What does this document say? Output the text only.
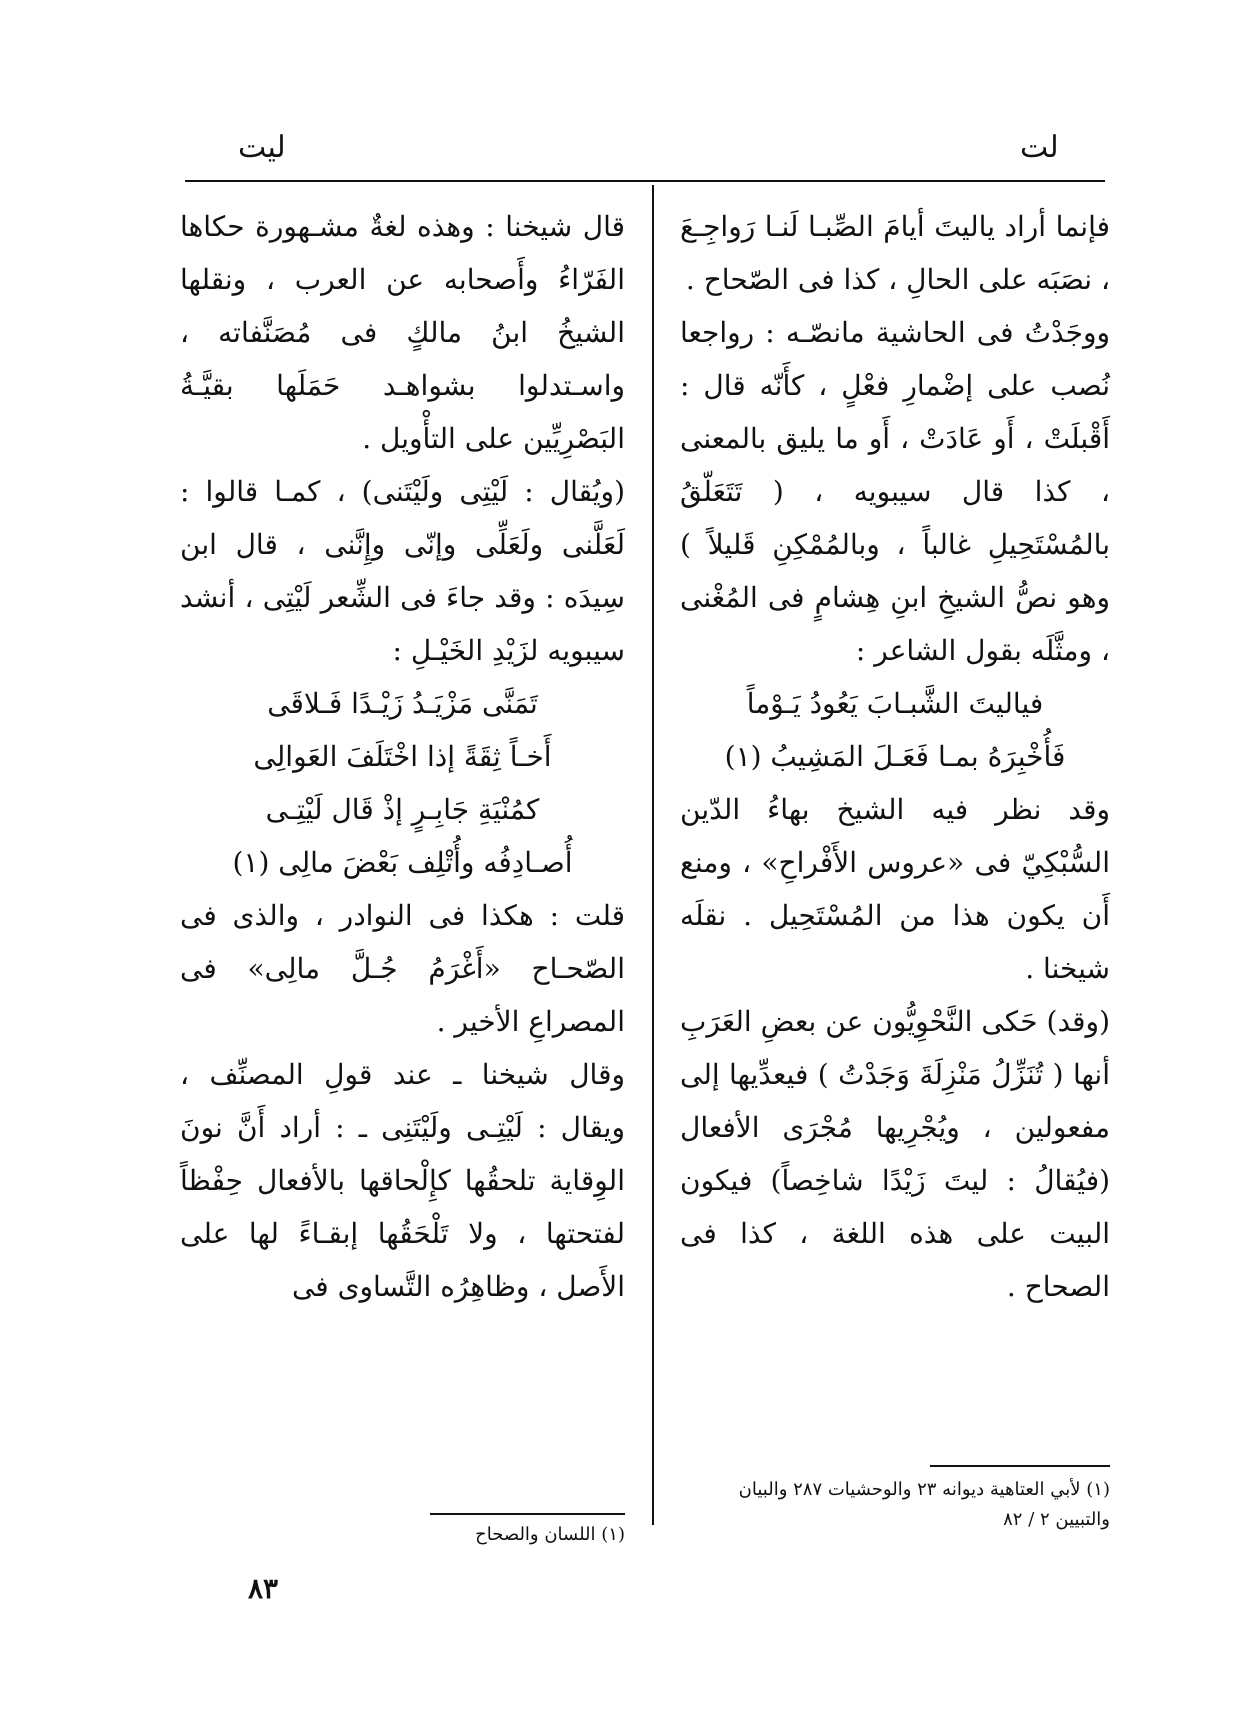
ليت	لت

فإنما أراد ياليتَ أيامَ الصِّبـا لَنـا رَواجِـعَ ، نصَبَه على الحالِ ، كذا فى الصّحاح .

ووجَدْتُ فى الحاشية مانصّـه : رواجعا نُصب على إضْمارِ فعْلٍ ، كأَنّه قال : أَقْبلَتْ ، أَو عَادَتْ ، أَو ما يليق بالمعنى ، كذا قال سيبويه ، ( تَتَعَلّقُ بالمُسْتَحِيلِ غالباً ، وبالمُمْكِنِ قَليلاً ) وهو نصُّ الشيخِ ابنِ هِشامٍ فى المُغْنى ، ومثَّلَه بقول الشاعر :

فياليتَ الشَّبـابَ يَعُودُ يَـوْماً

فَأُخْبِرَهُ بمـا فَعَـلَ المَشِيبُ (١)

وقد نظر فيه الشيخ بهاءُ الدّين السُّبْكِيّ فى «عروس الأَفْراحِ» ، ومنع أَن يكون هذا من المُسْتَحِيل . نقلَه شيخنا .

(وقد) حَكى النَّحْوِيُّون عن بعضِ العَرَبِ أنها ( تُنَزِّلُ مَنْزِلَةَ وَجَدْتُ ) فيعدِّيها إلى مفعولين ، ويُجْرِيها مُجْرَى الأفعال (فيُقالُ : ليتَ زَيْدًا شاخِصاً) فيكون البيت على هذه اللغة ، كذا فى الصحاح .

(١) لأبي العتاهية ديوانه ٢٣ والوحشيات ٢٨٧ والبيان والتبيين ٢ / ٨٢

قال شيخنا : وهذه لغةٌ مشـهورة حكاها الفَرّاءُ وأَصحابه عن العرب ، ونقلها الشيخُ ابنُ مالكٍ فى مُصَنَّفاته ، واسـتدلوا بشواهـد حَمَلَها بقيَّـةُ البَصْرِيِّين على التأْويل .

(ويُقال : لَيْتِى ولَيْتَنى) ، كمـا قالوا : لَعَلَّنى ولَعَلِّى وإنّى وإِنَّنى ، قال ابن سِيدَه : وقد جاءَ فى الشِّعر لَيْتِى ، أنشد سيبويه لزَيْدِ الخَيْـلِ :

تَمَنَّى مَزْيَـدُ زَيْـدًا فَـلاقَى

أَخـاً ثِقَةً إذا اخْتَلَفَ العَوالِى

كمُنْيَةِ جَابِـرٍ إذْ قَال لَيْتِـى

أُصـادِفُه وأُتْلِف بَعْضَ مالِى (١)

قلت : هكذا فى النوادر ، والذى فى الصّحـاح «أَغْرَمُ جُـلَّ مالِى» فى المصراعِ الأخير .

وقال شيخنا ـ عند قولِ المصنِّف ، ويقال : لَيْتِـى ولَيْتَنِى ـ : أراد أَنَّ نونَ الوِقاية تلحقُها كإِلْحاقها بالأفعال حِفْظاً لفتحتها ، ولا تَلْحَقُها إبقـاءً لها على الأَصل ، وظاهِرُه التَّساوى فى

(١) اللسان والصحاح
٨٣
